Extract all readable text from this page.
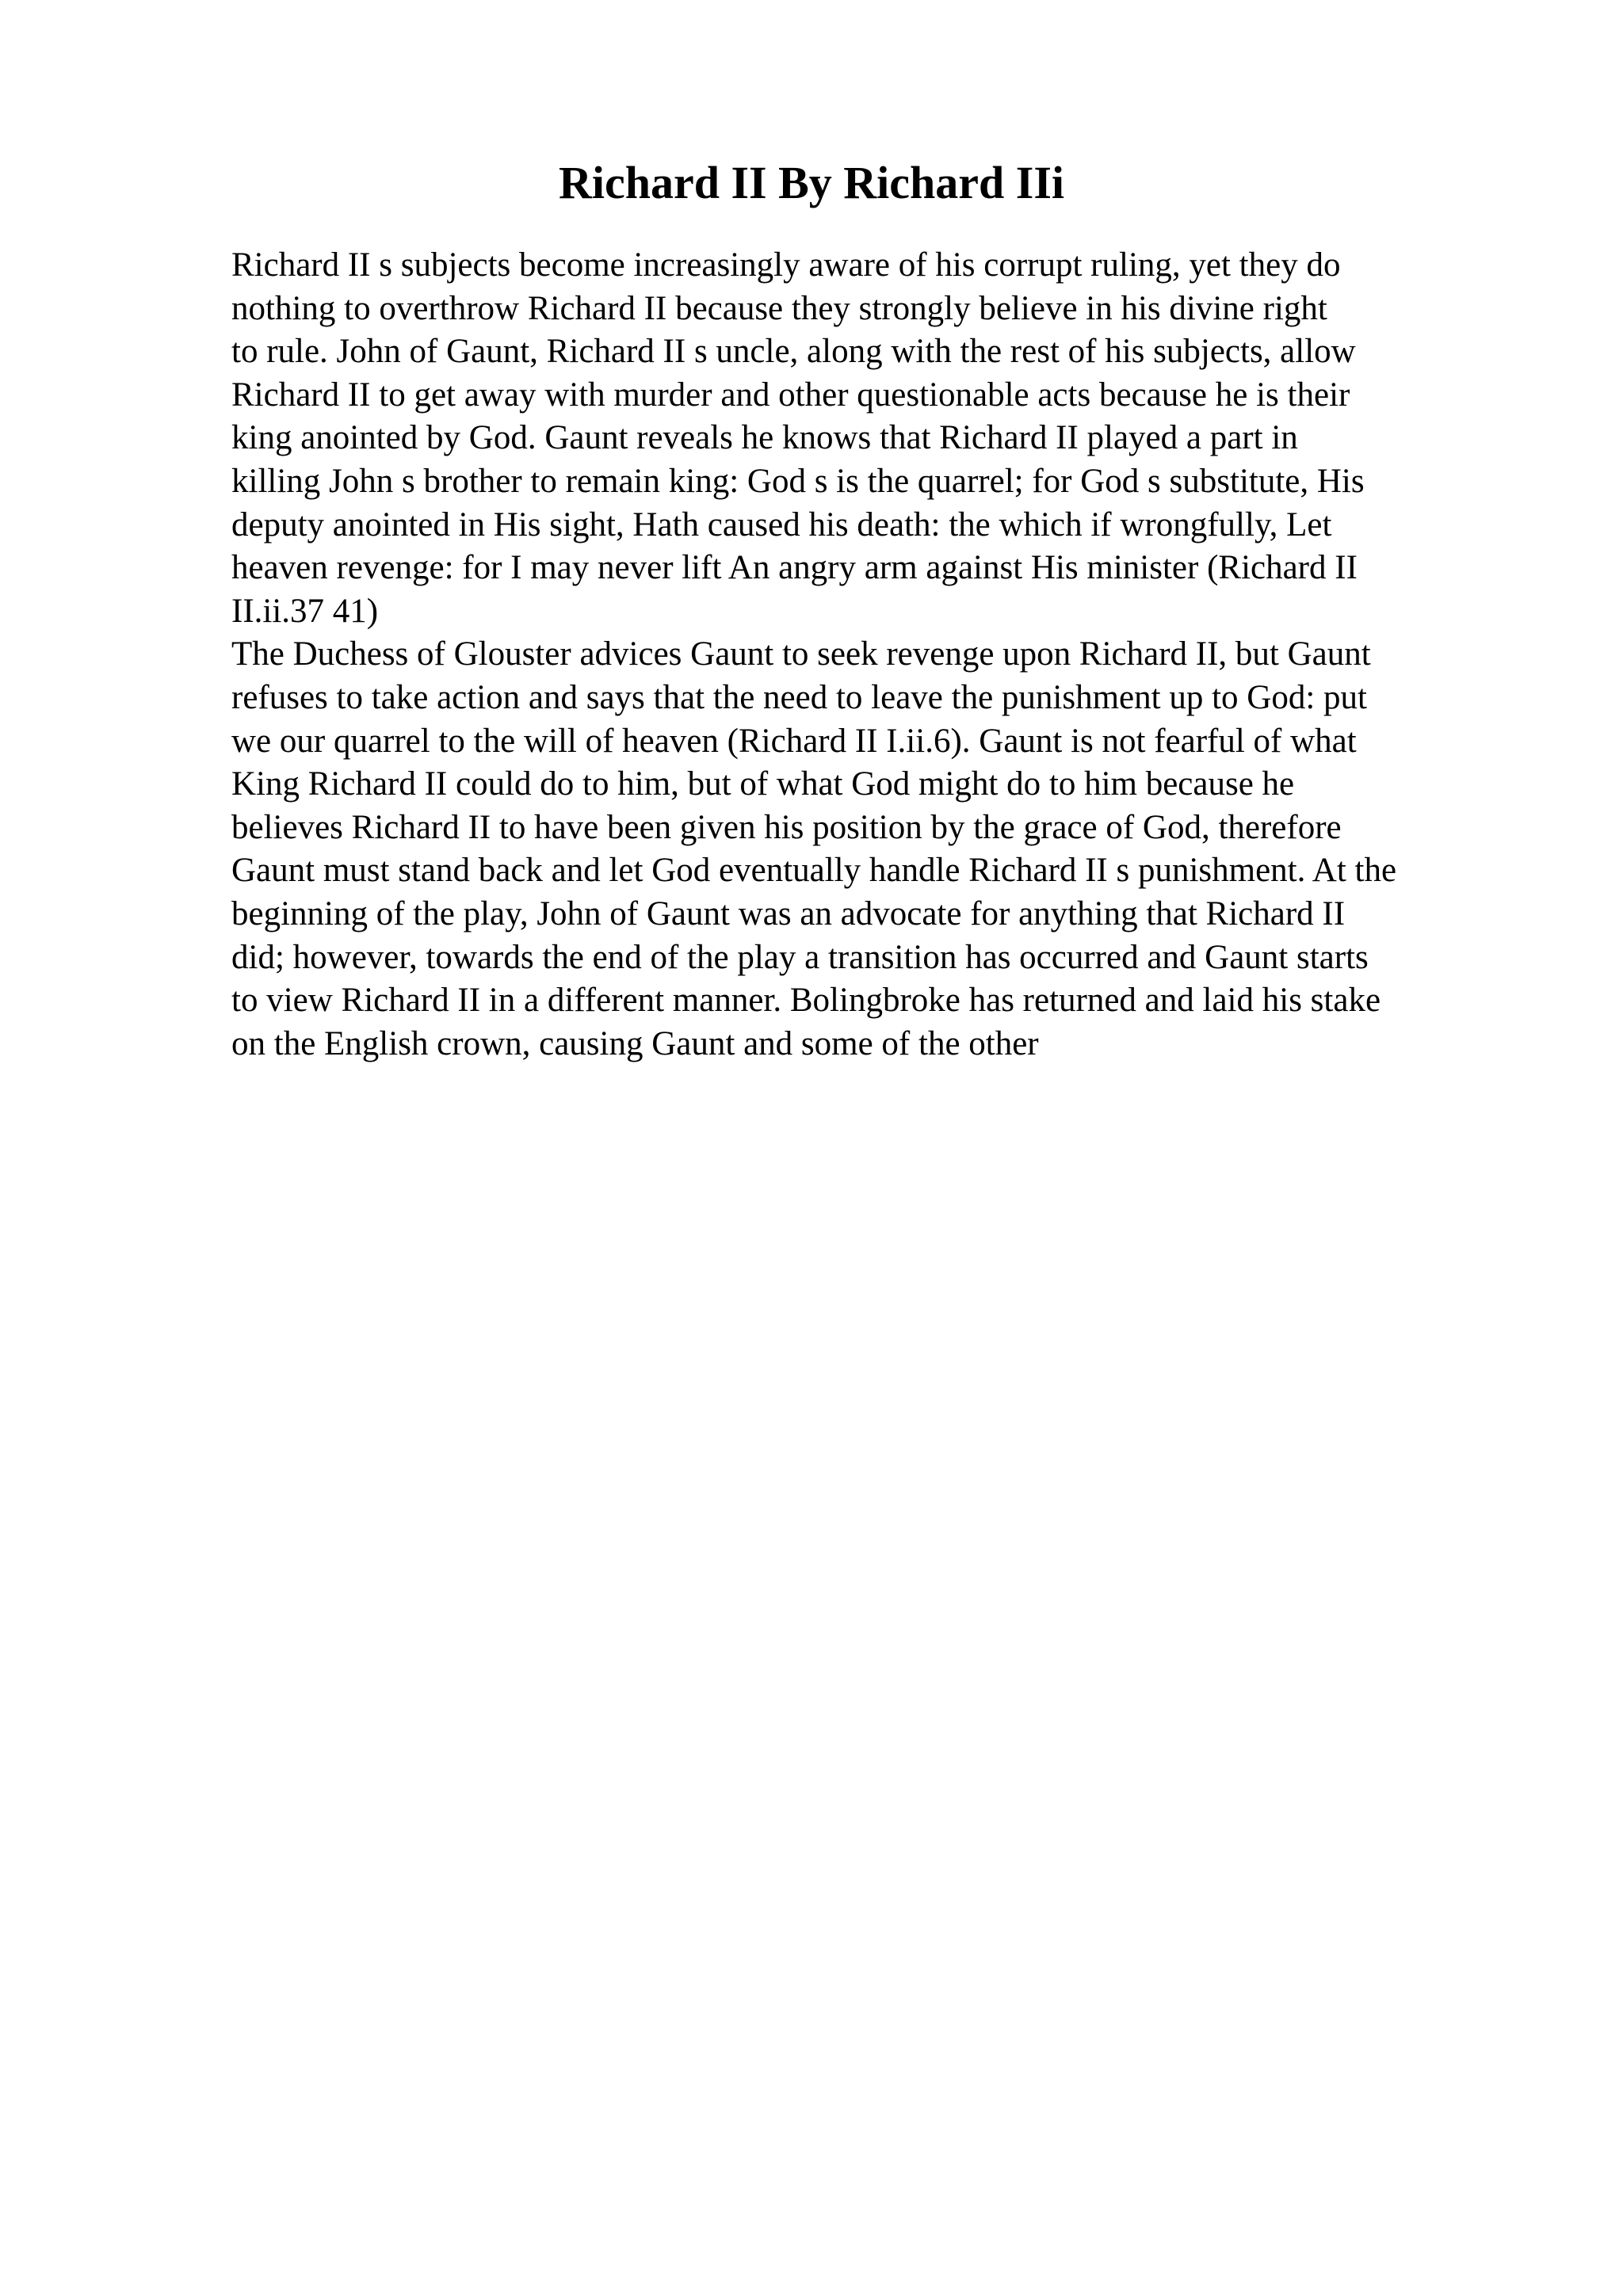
Richard II By Richard IIi
Richard II s subjects become increasingly aware of his corrupt ruling, yet they do
nothing to overthrow Richard II because they strongly believe in his divine right
to rule. John of Gaunt, Richard II s uncle, along with the rest of his subjects, allow
Richard II to get away with murder and other questionable acts because he is their
king anointed by God. Gaunt reveals he knows that Richard II played a part in
killing John s brother to remain king: God s is the quarrel; for God s substitute, His
deputy anointed in His sight, Hath caused his death: the which if wrongfully, Let
heaven revenge: for I may never lift An angry arm against His minister (Richard II
II.ii.37 41)
The Duchess of Glouster advices Gaunt to seek revenge upon Richard II, but Gaunt
refuses to take action and says that the need to leave the punishment up to God: put
we our quarrel to the will of heaven (Richard II I.ii.6). Gaunt is not fearful of what
King Richard II could do to him, but of what God might do to him because he
believes Richard II to have been given his position by the grace of God, therefore
Gaunt must stand back and let God eventually handle Richard II s punishment. At the
beginning of the play, John of Gaunt was an advocate for anything that Richard II
did; however, towards the end of the play a transition has occurred and Gaunt starts
to view Richard II in a different manner. Bolingbroke has returned and laid his stake
on the English crown, causing Gaunt and some of the other
